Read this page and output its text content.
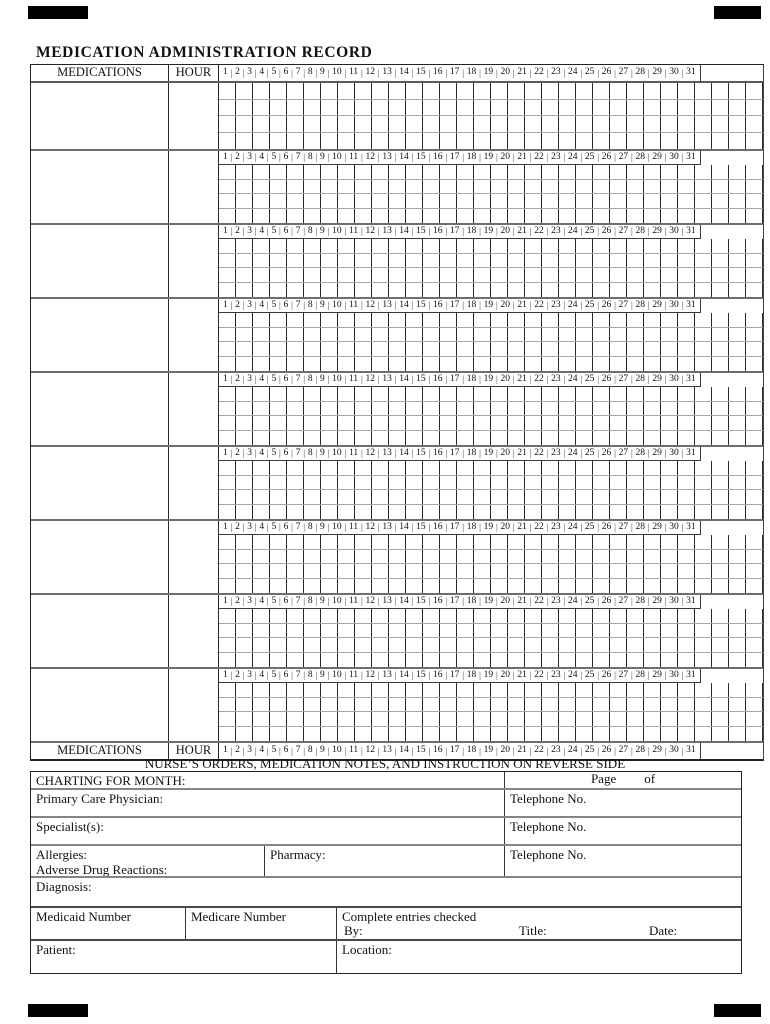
MEDICATION ADMINISTRATION RECORD
MEDICATIONS	HOUR	1 | 2 | 3 | 4 | 5 | 6 | 7 | 8 | 9 | 10 | 11 | 12 | 13 | 14 | 15 | 16 | 17 | 18 | 19 | 20 | 21 | 22 | 23 | 24 | 25 | 26 | 27 | 28 | 29 | 30 | 31
1 | 2 | 3 | 4 | 5 | 6 | 7 | 8 | 9 | 10 | 11 | 12 | 13 | 14 | 15 | 16 | 17 | 18 | 19 | 20 | 21 | 22 | 23 | 24 | 25 | 26 | 27 | 28 | 29 | 30 | 31
1 | 2 | 3 | 4 | 5 | 6 | 7 | 8 | 9 | 10 | 11 | 12 | 13 | 14 | 15 | 16 | 17 | 18 | 19 | 20 | 21 | 22 | 23 | 24 | 25 | 26 | 27 | 28 | 29 | 30 | 31
1 | 2 | 3 | 4 | 5 | 6 | 7 | 8 | 9 | 10 | 11 | 12 | 13 | 14 | 15 | 16 | 17 | 18 | 19 | 20 | 21 | 22 | 23 | 24 | 25 | 26 | 27 | 28 | 29 | 30 | 31
1 | 2 | 3 | 4 | 5 | 6 | 7 | 8 | 9 | 10 | 11 | 12 | 13 | 14 | 15 | 16 | 17 | 18 | 19 | 20 | 21 | 22 | 23 | 24 | 25 | 26 | 27 | 28 | 29 | 30 | 31
1 | 2 | 3 | 4 | 5 | 6 | 7 | 8 | 9 | 10 | 11 | 12 | 13 | 14 | 15 | 16 | 17 | 18 | 19 | 20 | 21 | 22 | 23 | 24 | 25 | 26 | 27 | 28 | 29 | 30 | 31
1 | 2 | 3 | 4 | 5 | 6 | 7 | 8 | 9 | 10 | 11 | 12 | 13 | 14 | 15 | 16 | 17 | 18 | 19 | 20 | 21 | 22 | 23 | 24 | 25 | 26 | 27 | 28 | 29 | 30 | 31
1 | 2 | 3 | 4 | 5 | 6 | 7 | 8 | 9 | 10 | 11 | 12 | 13 | 14 | 15 | 16 | 17 | 18 | 19 | 20 | 21 | 22 | 23 | 24 | 25 | 26 | 27 | 28 | 29 | 30 | 31
1 | 2 | 3 | 4 | 5 | 6 | 7 | 8 | 9 | 10 | 11 | 12 | 13 | 14 | 15 | 16 | 17 | 18 | 19 | 20 | 21 | 22 | 23 | 24 | 25 | 26 | 27 | 28 | 29 | 30 | 31
MEDICATIONS	HOUR	1 | 2 | 3 | 4 | 5 | 6 | 7 | 8 | 9 | 10 | 11 | 12 | 13 | 14 | 15 | 16 | 17 | 18 | 19 | 20 | 21 | 22 | 23 | 24 | 25 | 26 | 27 | 28 | 29 | 30 | 31
NURSE’S ORDERS, MEDICATION NOTES, AND INSTRUCTION ON REVERSE SIDE
CHARTING FOR MONTH:	Page of
Primary Care Physician:	Telephone No.
Specialist(s):	Telephone No.
Allergies:
Adverse Drug Reactions:
Pharmacy:	Telephone No.
Diagnosis:
Medicaid Number	Medicare Number	Complete entries checked
By:	Title:	Date:
Patient:	Location:
